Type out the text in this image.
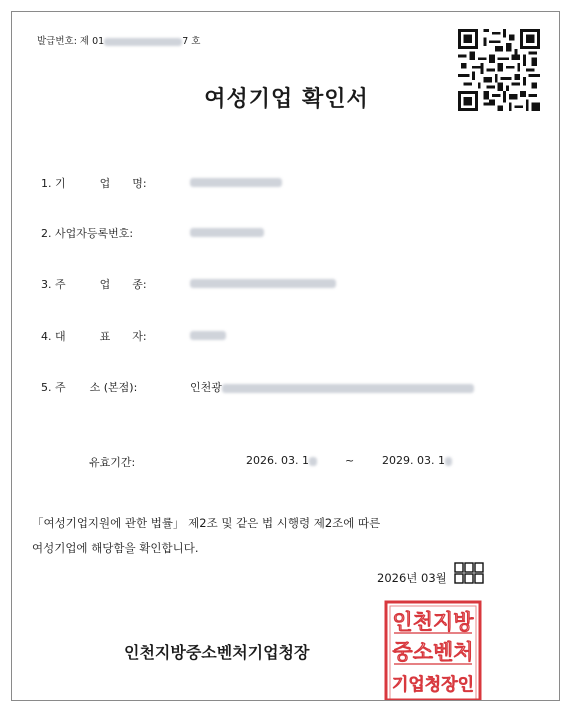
발급번호: 제 01	7 호
여성기업 확인서
1. 기	업 명:
2. 사업자등록번호:
3. 주	업 종:
4. 대	표 자:
5. 주 소 (본점):	인천광
유효기간:	2026. 03. 1	~	2029. 03. 1
「여성기업지원에 관한 법률」 제2조 및 같은 법 시행령 제2조에 따른
여성기업에 해당함을 확인합니다.
2026년 03월
인천지방중소벤처기업청장
인천지방
중소벤처
기업청장인
